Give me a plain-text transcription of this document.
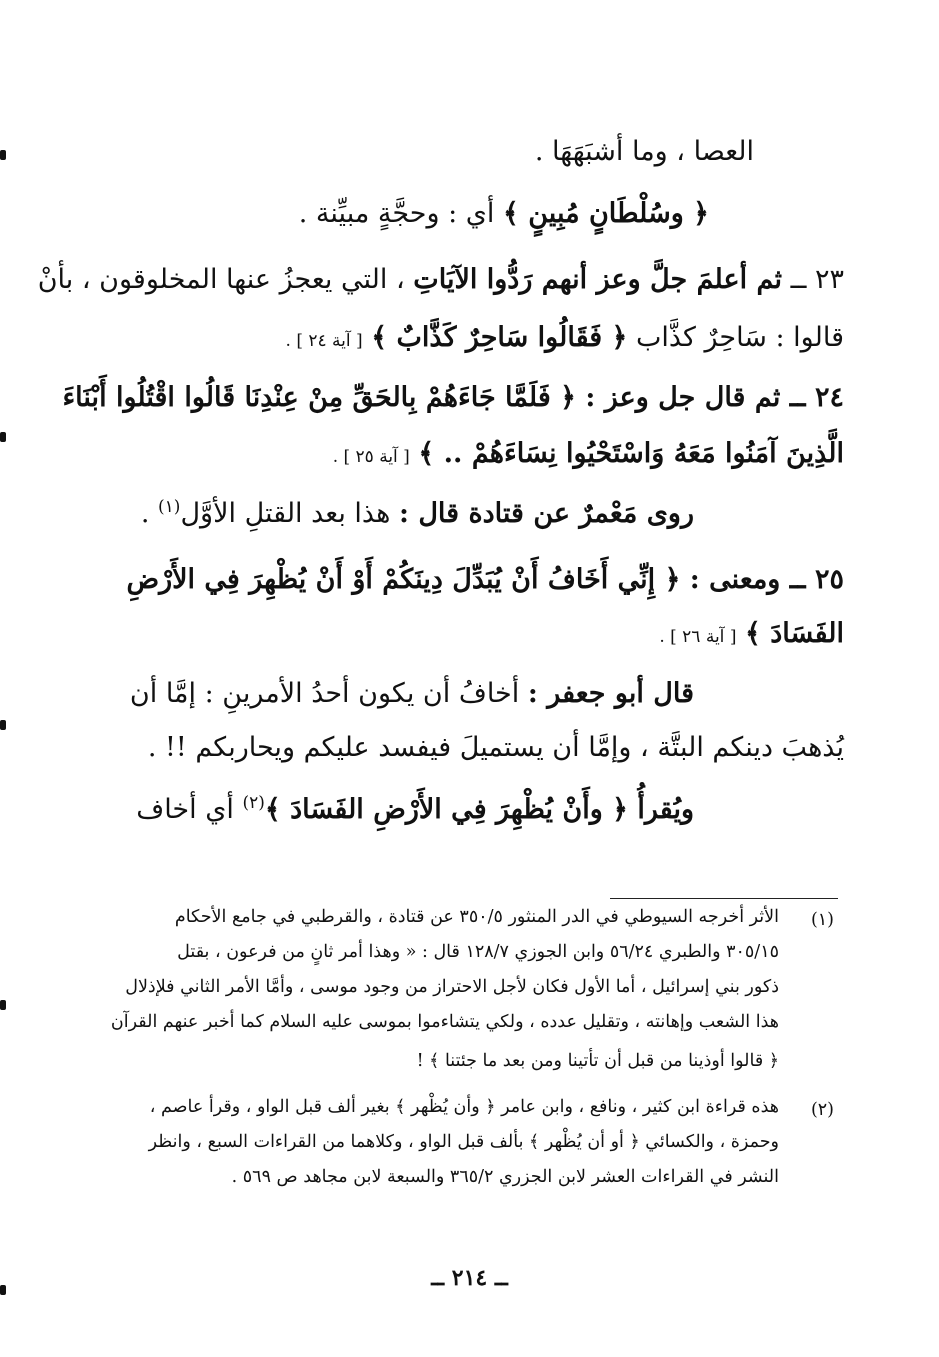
العصا ، وما أشبَهَهَا .
﴿ وسُلْطَانٍ مُبِينٍ ﴾ أي : وحجَّةٍ مبيِّنة .
٢٣ ــ ثم أعلمَ جلَّ وعز أنهم رَدُّوا الآيَاتِ ، التي يعجزُ عنها المخلوقون ، بأنْ
قالوا : سَاحِرٌ كذَّاب ﴿ فَقَالُوا سَاحِرٌ كَذَّابٌ ﴾ [ آية ٢٤ ] .
٢٤ ــ ثم قال جل وعز : ﴿ فَلَمَّا جَاءَهُمْ بِالحَقِّ مِنْ عِنْدِنَا قَالُوا اقْتُلُوا أَبْنَاءَ
الَّذِينَ آمَنُوا مَعَهُ وَاسْتَحْيُوا نِسَاءَهُمْ .. ﴾ [ آية ٢٥ ] .
روى مَعْمرٌ عن قتادة قال : هذا بعد القتلِ الأوَّل$^{(١)}$ .
٢٥ ــ ومعنى : ﴿ إِنِّي أَخَافُ أَنْ يُبَدِّلَ دِينَكُمْ أَوْ أَنْ يُظْهِرَ فِي الأَرْضِ
الفَسَادَ ﴾ [ آية ٢٦ ] .
قال أبو جعفر : أخافُ أن يكون أحدُ الأمرينِ : إمَّا أن
يُذهبَ دينكم البتَّة ، وإمَّا أن يستميلَ فيفسد عليكم ويحاربكم !! .
ويُقرأُ ﴿ وأَنْ يُظْهِرَ فِي الأَرْضِ الفَسَادَ ﴾$^{(٢)}$ أي أخاف
(١)
الأثر أخرجه السيوطي في الدر المنثور ٣٥٠/٥ عن قتادة ، والقرطبي في جامع الأحكام
٣٠٥/١٥ والطبري ٥٦/٢٤ وابن الجوزي ١٢٨/٧ قال : « وهذا أمر ثانٍ من فرعون ، بقتل
ذكور بني إسرائيل ، أما الأول فكان لأجل الاحتراز من وجود موسى ، وأمَّا الأمر الثاني فلإذلال
هذا الشعب وإهانته ، وتقليل عدده ، ولكي يتشاءموا بموسى عليه السلام كما أخبر عنهم القرآن
﴿ قالوا أوذينا من قبل أن تأتينا ومن بعد ما جئتنا ﴾ !
(٢)
هذه قراءة ابن كثير ، ونافع ، وابن عامر ﴿ وأن يُظْهر ﴾ بغير ألف قبل الواو ، وقرأ عاصم ،
وحمزة ، والكسائي ﴿ أو أن يُظْهر ﴾ بألف قبل الواو ، وكلاهما من القراءات السبع ، وانظر
النشر في القراءات العشر لابن الجزري ٣٦٥/٢ والسبعة لابن مجاهد ص ٥٦٩ .
ــ ٢١٤ ــ
